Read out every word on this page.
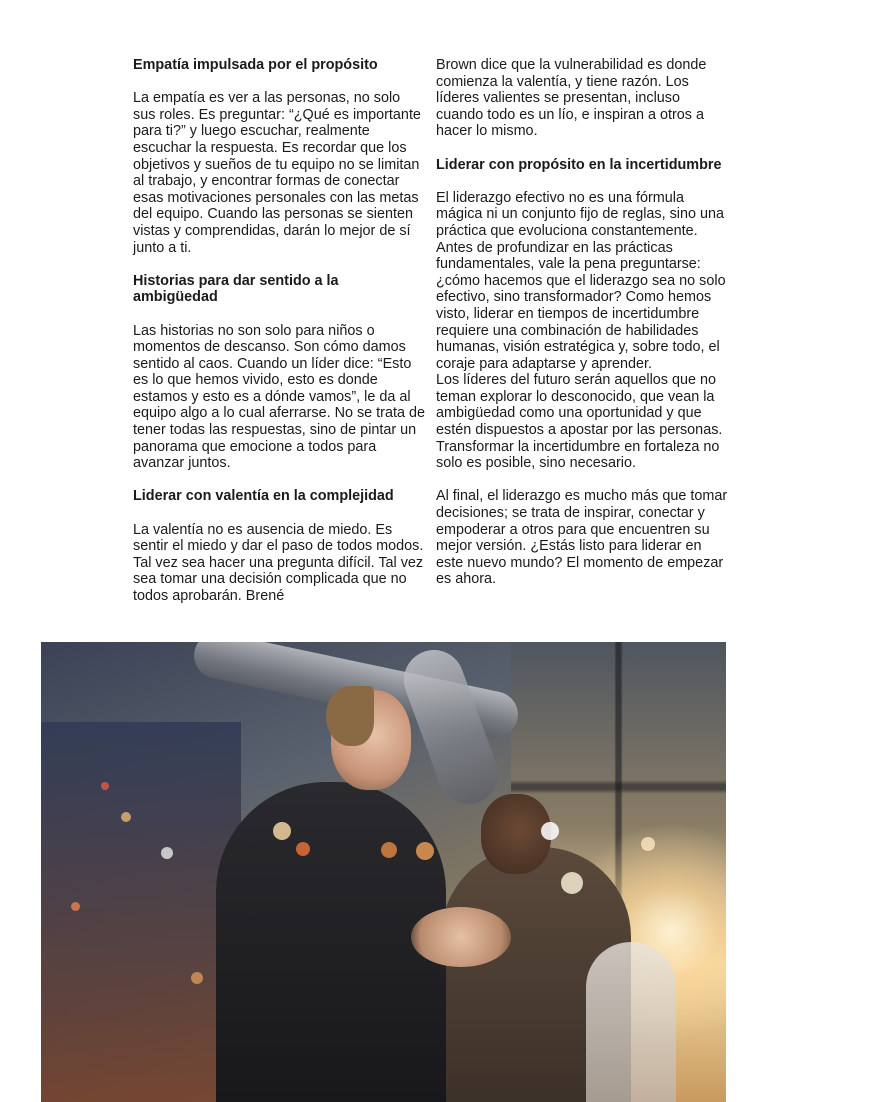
Empatía impulsada por el propósito

La empatía es ver a las personas, no solo sus roles. Es preguntar: “¿Qué es importante para ti?” y luego escuchar, realmente escuchar la respuesta. Es recordar que los objetivos y sueños de tu equipo no se limitan al trabajo, y encontrar formas de conectar esas motivaciones personales con las metas del equipo. Cuando las personas se sienten vistas y comprendidas, darán lo mejor de sí junto a ti.

Historias para dar sentido a la ambigüedad

Las historias no son solo para niños o momentos de descanso. Son cómo damos sentido al caos. Cuando un líder dice: “Esto es lo que hemos vivido, esto es donde estamos y esto es a dónde vamos”, le da al equipo algo a lo cual aferrarse. No se trata de tener todas las respuestas, sino de pintar un panorama que emocione a todos para avanzar juntos.

Liderar con valentía en la complejidad

La valentía no es ausencia de miedo. Es sentir el miedo y dar el paso de todos modos. Tal vez sea hacer una pregunta difícil. Tal vez sea tomar una decisión complicada que no todos aprobarán. Brené

Brown dice que la vulnerabilidad es donde comienza la valentía, y tiene razón. Los líderes valientes se presentan, incluso cuando todo es un lío, e inspiran a otros a hacer lo mismo.

Liderar con propósito en la incertidumbre

El liderazgo efectivo no es una fórmula mágica ni un conjunto fijo de reglas, sino una práctica que evoluciona constantemente. Antes de profundizar en las prácticas fundamentales, vale la pena preguntarse: ¿cómo hacemos que el liderazgo sea no solo efectivo, sino transformador? Como hemos visto, liderar en tiempos de incertidumbre requiere una combinación de habilidades humanas, visión estratégica y, sobre todo, el coraje para adaptarse y aprender.

Los líderes del futuro serán aquellos que no teman explorar lo desconocido, que vean la ambigüedad como una oportunidad y que estén dispuestos a apostar por las personas. Transformar la incertidumbre en fortaleza no solo es posible, sino necesario.

Al final, el liderazgo es mucho más que tomar decisiones; se trata de inspirar, conectar y empoderar a otros para que encuentren su mejor versión. ¿Estás listo para liderar en este nuevo mundo? El momento de empezar es ahora.
